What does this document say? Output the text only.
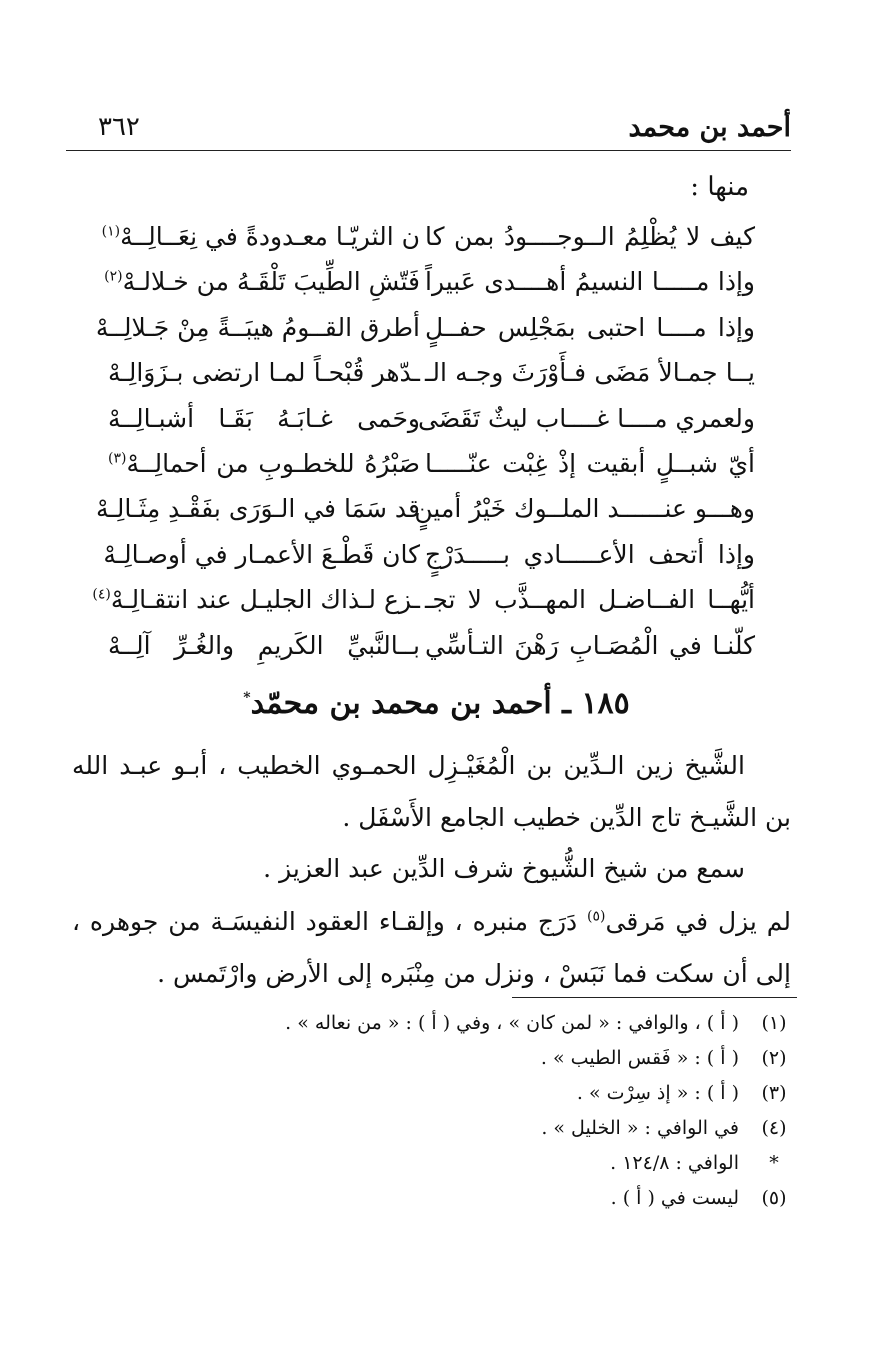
أحمد بن محمد
٣٦٢
منها :
كيف لا يُظْلِمُ الــوجــــودُ بمن كا
ن الثريّـا معـدودةً في نِعَــالِــهْ$^{(١)}$
وإذا مـــــا النسيمُ أهــــدى عَبيراً
فَتّشِ الطِّيبَ تَلْقَـهُ من خـلالـهْ$^{(٢)}$
وإذا مــــا احتبى بمَجْلِس حفــلٍ
أطرق القــومُ هيبَــةً مِنْ جَـلالِــهْ
يــا جمـالأ مَضَى فـأَوْرَثَ وجـه الـ
ـدّهر قُبْحـاً لمـا ارتضى بـزَوَالِـهْ
ولعمري مــــا غــــاب ليثٌ تَقَضَى
وحَمى غـابَـهُ بَقَـا أشبـالِــهْ
أيّ شبــلٍ أبقيت إذْ غِبْت عنّـــــا
صَبْرُهُ للخطـوبِ من أحمالِــهْ$^{(٣)}$
وهـــو عنــــــد الملــوك خَيْرُ أمينٍ
قد سَمَا في الـوَرَى بفَقْـدِ مِثَـالِـهْ
وإذا أتحف الأعـــــادي بـــــدَرْجٍ
كان قَطْـعَ الأعمـار في أوصـالِـهْ
أيُّهــا الفــاضـل المهــذَّب لا تجـ
ـزع لـذاك الجليـل عند انتقـالِـهْ$^{(٤)}$
كلّنـا في الْمُصَـابِ رَهْنَ التـأسِّي
بــالنَّبيِّ الكَريمِ والغُـرِّ آلِــهْ
١٨٥ ـ أحمد بن محمد بن محمّد*
الشَّيخ زين الـدِّين بن الْمُغَيْـزِل الحمـوي الخطيب ، أبـو عبـد الله بن الشَّيـخ تاج الدِّين خطيب الجامع الأَسْفَل .
سمع من شيخ الشُّيوخ شرف الدِّين عبد العزيز .
لم يزل في مَرقى$^{(٥)}$ دَرَج منبره ، وإلقـاء العقود النفيسَـة من جوهره ، إلى أن سكت فما نَبَسْ ، ونزل من مِنْبَره إلى الأرض وارْتَمس .
(١)
( أ ) ، والوافي : « لمن كان » ، وفي ( أ ) : « من نعاله » .
(٢)
( أ ) : « فَقس الطيب » .
(٣)
( أ ) : « إذ سِرْت » .
(٤)
في الوافي : « الخليل » .
*
الوافي : ١٢٤/٨ .
(٥)
ليست في ( أ ) .
